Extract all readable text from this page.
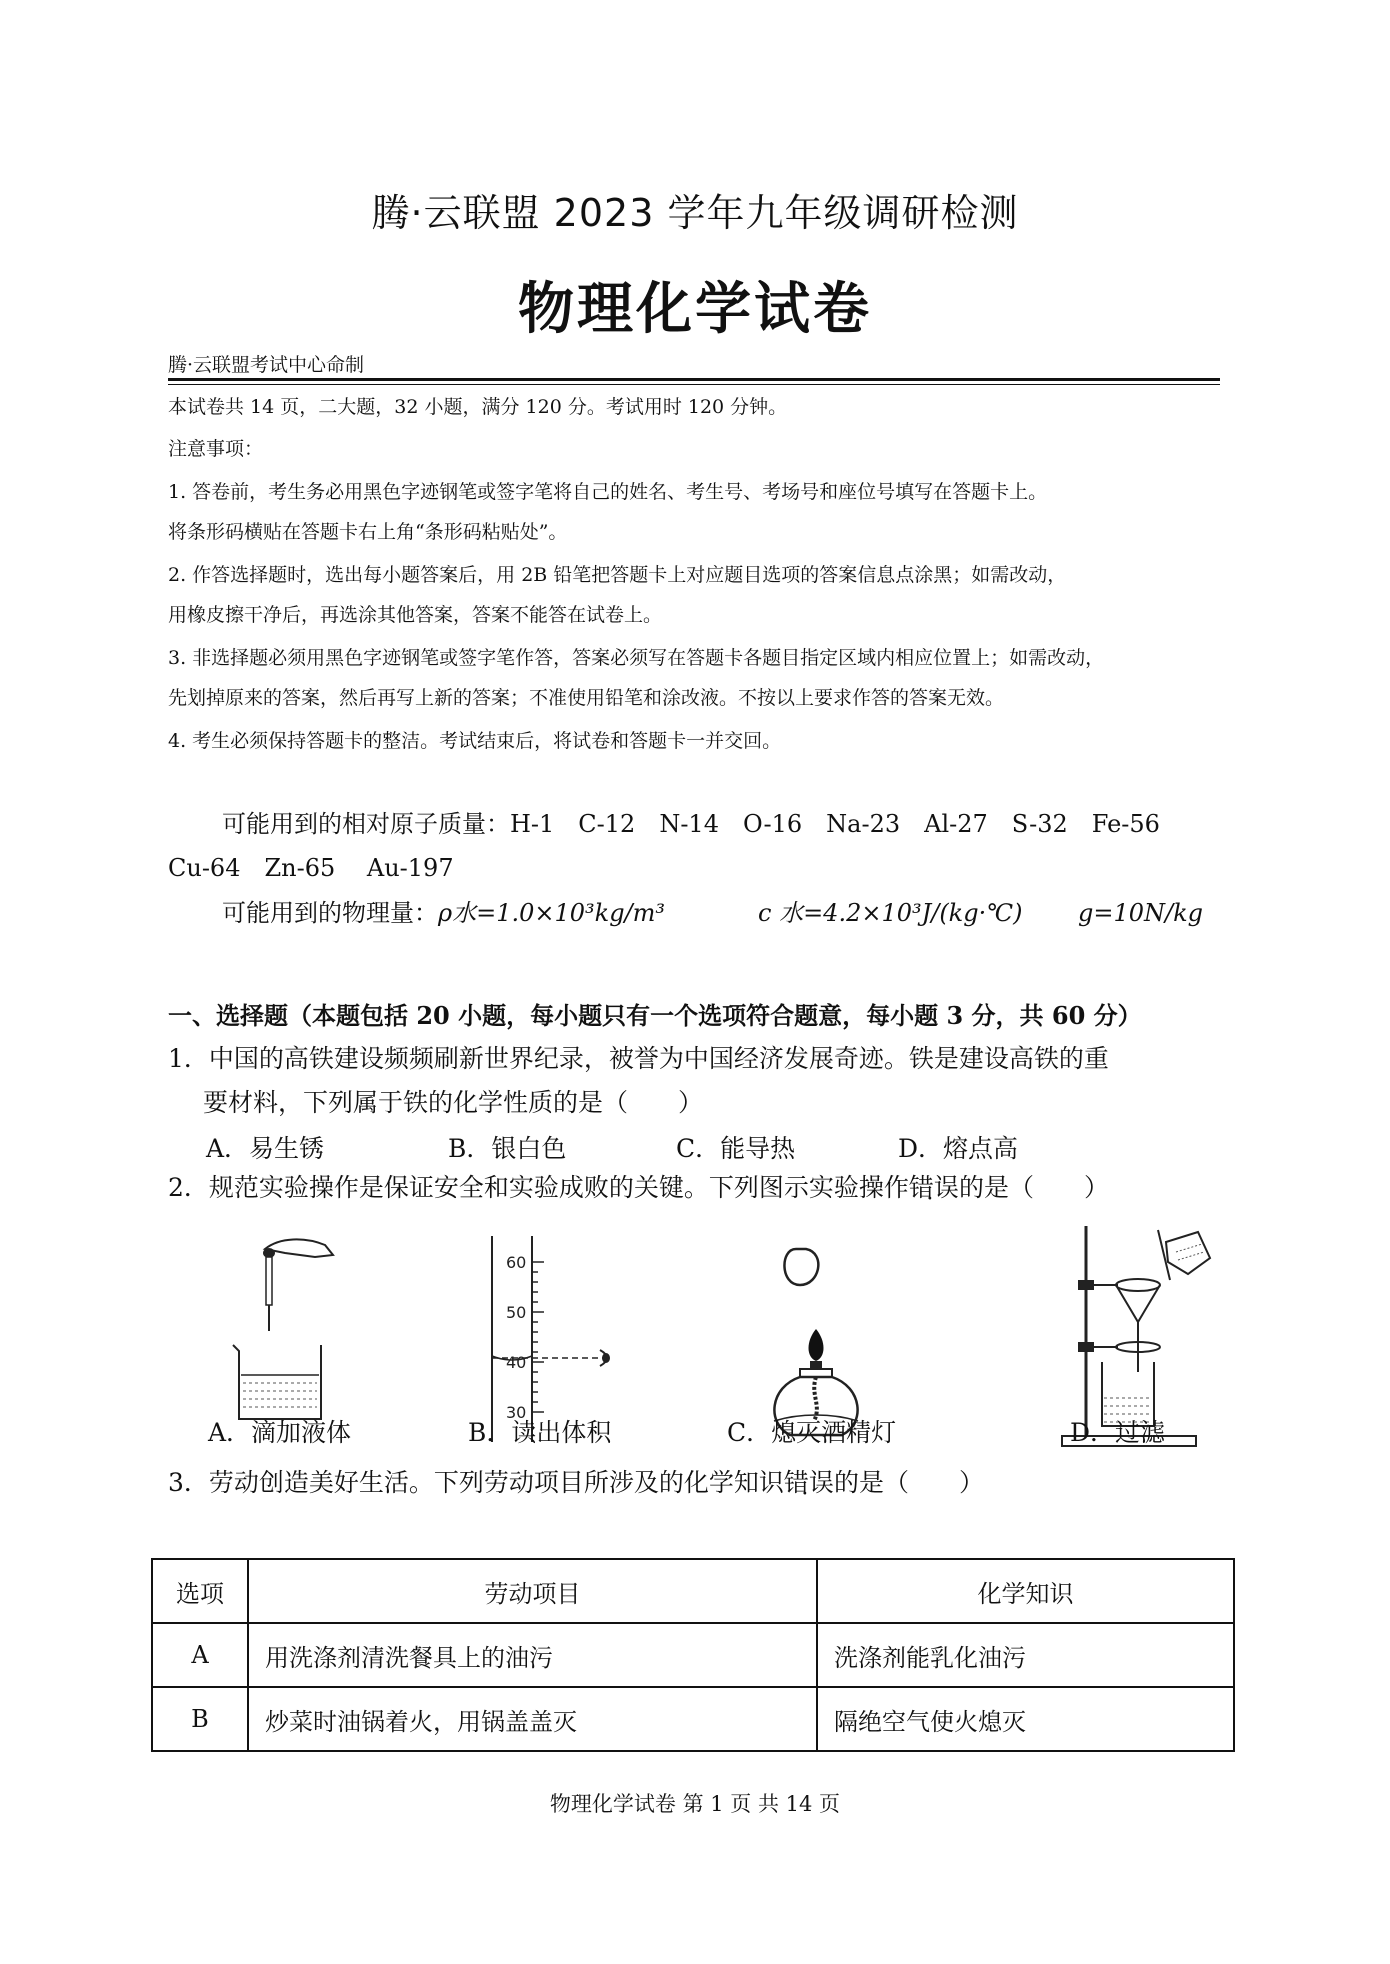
腾·云联盟 2023 学年九年级调研检测
物理化学试卷
腾·云联盟考试中心命制
本试卷共 14 页，二大题，32 小题，满分 120 分。考试用时 120 分钟。
注意事项：
1. 答卷前，考生务必用黑色字迹钢笔或签字笔将自己的姓名、考生号、考场号和座位号填写在答题卡上。
将条形码横贴在答题卡右上角“条形码粘贴处”。
2. 作答选择题时，选出每小题答案后，用 2B 铅笔把答题卡上对应题目选项的答案信息点涂黑；如需改动，
用橡皮擦干净后，再选涂其他答案，答案不能答在试卷上。
3. 非选择题必须用黑色字迹钢笔或签字笔作答，答案必须写在答题卡各题目指定区域内相应位置上；如需改动，
先划掉原来的答案，然后再写上新的答案；不准使用铅笔和涂改液。不按以上要求作答的答案无效。
4. 考生必须保持答题卡的整洁。考试结束后，将试卷和答题卡一并交回。
可能用到的相对原子质量：H-1　C-12　N-14　O-16　Na-23　Al-27　S-32　Fe-56
Cu-64　Zn-65　 Au-197
可能用到的物理量：ρ水=1.0×10³kg/m³	c 水=4.2×10³J/(kg·℃) g=10N/kg
一、选择题（本题包括 20 小题，每小题只有一个选项符合题意，每小题 3 分，共 60 分）
1．中国的高铁建设频频刷新世界纪录，被誉为中国经济发展奇迹。铁是建设高铁的重
要材料，下列属于铁的化学性质的是（　　）
A．易生锈	B．银白色	C．能导热	D．熔点高
2．规范实验操作是保证安全和实验成败的关键。下列图示实验操作错误的是（　　）
60
50
40
30
A．滴加液体	B．读出体积	C．熄灭酒精灯	D．过滤
3．劳动创造美好生活。下列劳动项目所涉及的化学知识错误的是（　　）
选项	劳动项目	化学知识
A	用洗涤剂清洗餐具上的油污	洗涤剂能乳化油污
B	炒菜时油锅着火，用锅盖盖灭	隔绝空气使火熄灭
物理化学试卷 第 1 页 共 14 页
